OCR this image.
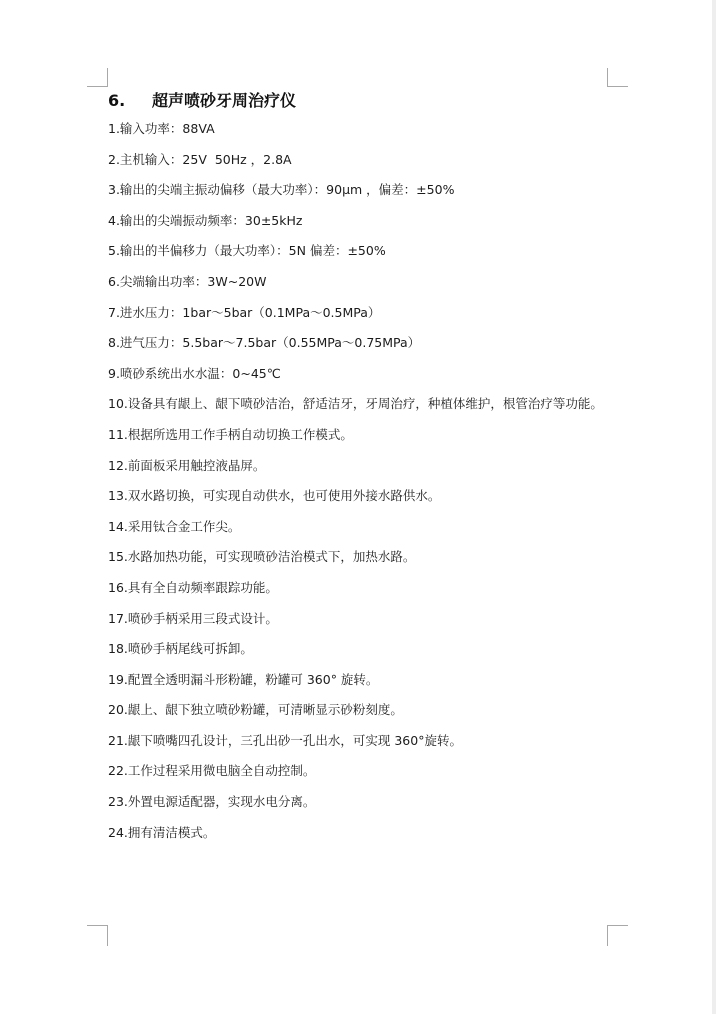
6.	超声喷砂牙周治疗仪

1.输入功率：88VA

2.主机输入：25V  50Hz ，2.8A

3.输出的尖端主振动偏移（最大功率）：90μm ，偏差：±50%

4.输出的尖端振动频率：30±5kHz

5.输出的半偏移力（最大功率）：5N 偏差：±50%

6.尖端输出功率：3W~20W

7.进水压力：1bar～5bar（0.1MPa～0.5MPa）

8.进气压力：5.5bar～7.5bar（0.55MPa～0.75MPa）

9.喷砂系统出水水温：0~45℃

10.设备具有龈上、龈下喷砂洁治，舒适洁牙，牙周治疗，种植体维护，根管治疗等功能。

11.根据所选用工作手柄自动切换工作模式。

12.前面板采用触控液晶屏。

13.双水路切换，可实现自动供水，也可使用外接水路供水。

14.采用钛合金工作尖。

15.水路加热功能，可实现喷砂洁治模式下，加热水路。

16.具有全自动频率跟踪功能。

17.喷砂手柄采用三段式设计。

18.喷砂手柄尾线可拆卸。

19.配置全透明漏斗形粉罐，粉罐可 360° 旋转。

20.龈上、龈下独立喷砂粉罐，可清晰显示砂粉刻度。

21.龈下喷嘴四孔设计，三孔出砂一孔出水，可实现 360°旋转。

22.工作过程采用微电脑全自动控制。

23.外置电源适配器，实现水电分离。

24.拥有清洁模式。
